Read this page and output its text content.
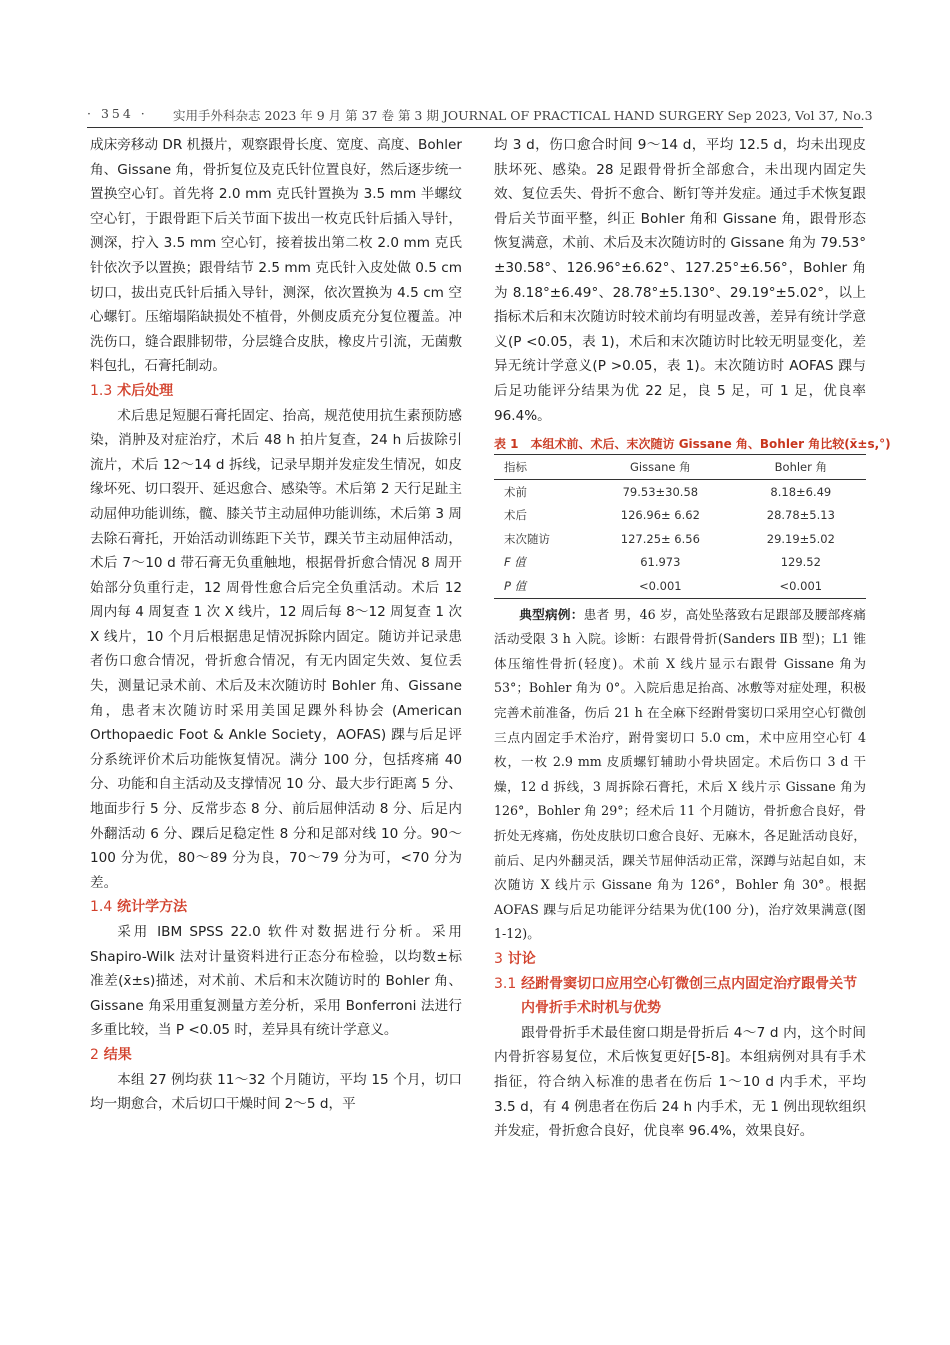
· 354 · 实用手外科杂志 2023 年 9 月 第 37 卷 第 3 期 JOURNAL OF PRACTICAL HAND SURGERY Sep 2023, Vol 37, No.3

成床旁移动 DR 机摄片，观察跟骨长度、宽度、高度、Bohler 角、Gissane 角，骨折复位及克氏针位置良好，然后逐步统一置换空心钉。首先将 2.0 mm 克氏针置换为 3.5 mm 半螺纹空心钉，于跟骨距下后关节面下拔出一枚克氏针后插入导针，测深，拧入 3.5 mm 空心钉，接着拔出第二枚 2.0 mm 克氏针依次予以置换；跟骨结节 2.5 mm 克氏针入皮处做 0.5 cm 切口，拔出克氏针后插入导针，测深，依次置换为 4.5 cm 空心螺钉。压缩塌陷缺损处不植骨，外侧皮质充分复位覆盖。冲洗伤口，缝合跟腓韧带，分层缝合皮肤，橡皮片引流，无菌敷料包扎，石膏托制动。

1.3 术后处理

术后患足短腿石膏托固定、抬高，规范使用抗生素预防感染，消肿及对症治疗，术后 48 h 拍片复查，24 h 后拔除引流片，术后 12～14 d 拆线，记录早期并发症发生情况，如皮缘坏死、切口裂开、延迟愈合、感染等。术后第 2 天行足趾主动屈伸功能训练，髋、膝关节主动屈伸功能训练，术后第 3 周去除石膏托，开始活动训练距下关节，踝关节主动屈伸活动，术后 7～10 d 带石膏无负重触地，根据骨折愈合情况 8 周开始部分负重行走，12 周骨性愈合后完全负重活动。术后 12 周内每 4 周复查 1 次 X 线片，12 周后每 8～12 周复查 1 次 X 线片，10 个月后根据患足情况拆除内固定。随访并记录患者伤口愈合情况，骨折愈合情况，有无内固定失效、复位丢失，测量记录术前、术后及末次随访时 Bohler 角、Gissane 角，患者末次随访时采用美国足踝外科协会 (American Orthopaedic Foot & Ankle Society，AOFAS) 踝与后足评分系统评价术后功能恢复情况。满分 100 分，包括疼痛 40 分、功能和自主活动及支撑情况 10 分、最大步行距离 5 分、地面步行 5 分、反常步态 8 分、前后屈伸活动 8 分、后足内外翻活动 6 分、踝后足稳定性 8 分和足部对线 10 分。90～100 分为优，80～89 分为良，70～79 分为可，<70 分为差。

1.4 统计学方法

采用 IBM SPSS 22.0 软件对数据进行分析。采用 Shapiro-Wilk 法对计量资料进行正态分布检验，以均数±标准差(x̄±s)描述，对术前、术后和末次随访时的 Bohler 角、Gissane 角采用重复测量方差分析，采用 Bonferroni 法进行多重比较，当 P <0.05 时，差异具有统计学意义。

2 结果

本组 27 例均获 11～32 个月随访，平均 15 个月，切口均一期愈合，术后切口干燥时间 2～5 d，平

均 3 d，伤口愈合时间 9～14 d，平均 12.5 d，均未出现皮肤坏死、感染。28 足跟骨骨折全部愈合，未出现内固定失效、复位丢失、骨折不愈合、断钉等并发症。通过手术恢复跟骨后关节面平整，纠正 Bohler 角和 Gissane 角，跟骨形态恢复满意，术前、术后及末次随访时的 Gissane 角为 79.53°±30.58°、126.96°±6.62°、127.25°±6.56°，Bohler 角为 8.18°±6.49°、28.78°±5.130°、29.19°±5.02°，以上指标术后和末次随访时较术前均有明显改善，差异有统计学意义(P <0.05，表 1)，术后和末次随访时比较无明显变化，差异无统计学意义(P >0.05，表 1)。末次随访时 AOFAS 踝与后足功能评分结果为优 22 足，良 5 足，可 1 足，优良率 96.4%。

表 1　本组术前、术后、末次随访 Gissane 角、Bohler 角比较(x̄±s,°)

指标	Gissane 角	Bohler 角
术前	79.53±30.58	8.18±6.49
术后	126.96± 6.62	28.78±5.13
末次随访	127.25± 6.56	29.19±5.02
F 值	61.973	129.52
P 值	<0.001	<0.001

典型病例：患者 男，46 岁，高处坠落致右足跟部及腰部疼痛活动受限 3 h 入院。诊断：右跟骨骨折(Sanders ⅡB 型)；L1 锥体压缩性骨折(轻度)。术前 X 线片显示右跟骨 Gissane 角为 53°；Bohler 角为 0°。入院后患足抬高、冰敷等对症处理，积极完善术前准备，伤后 21 h 在全麻下经跗骨窦切口采用空心钉微创三点内固定手术治疗，跗骨窦切口 5.0 cm，术中应用空心钉 4 枚，一枚 2.9 mm 皮质螺钉辅助小骨块固定。术后伤口 3 d 干燥，12 d 拆线，3 周拆除石膏托，术后 X 线片示 Gissane 角为 126°，Bohler 角 29°；经术后 11 个月随访，骨折愈合良好，骨折处无疼痛，伤处皮肤切口愈合良好、无麻木，各足趾活动良好，前后、足内外翻灵活，踝关节屈伸活动正常，深蹲与站起自如，末次随访 X 线片示 Gissane 角为 126°，Bohler 角 30°。根据 AOFAS 踝与后足功能评分结果为优(100 分)，治疗效果满意(图 1-12)。

3 讨论

3.1 经跗骨窦切口应用空心钉微创三点内固定治疗跟骨关节内骨折手术时机与优势

跟骨骨折手术最佳窗口期是骨折后 4～7 d 内，这个时间内骨折容易复位，术后恢复更好[5-8]。本组病例对具有手术指征，符合纳入标准的患者在伤后 1～10 d 内手术，平均 3.5 d，有 4 例患者在伤后 24 h 内手术，无 1 例出现软组织并发症，骨折愈合良好，优良率 96.4%，效果良好。
